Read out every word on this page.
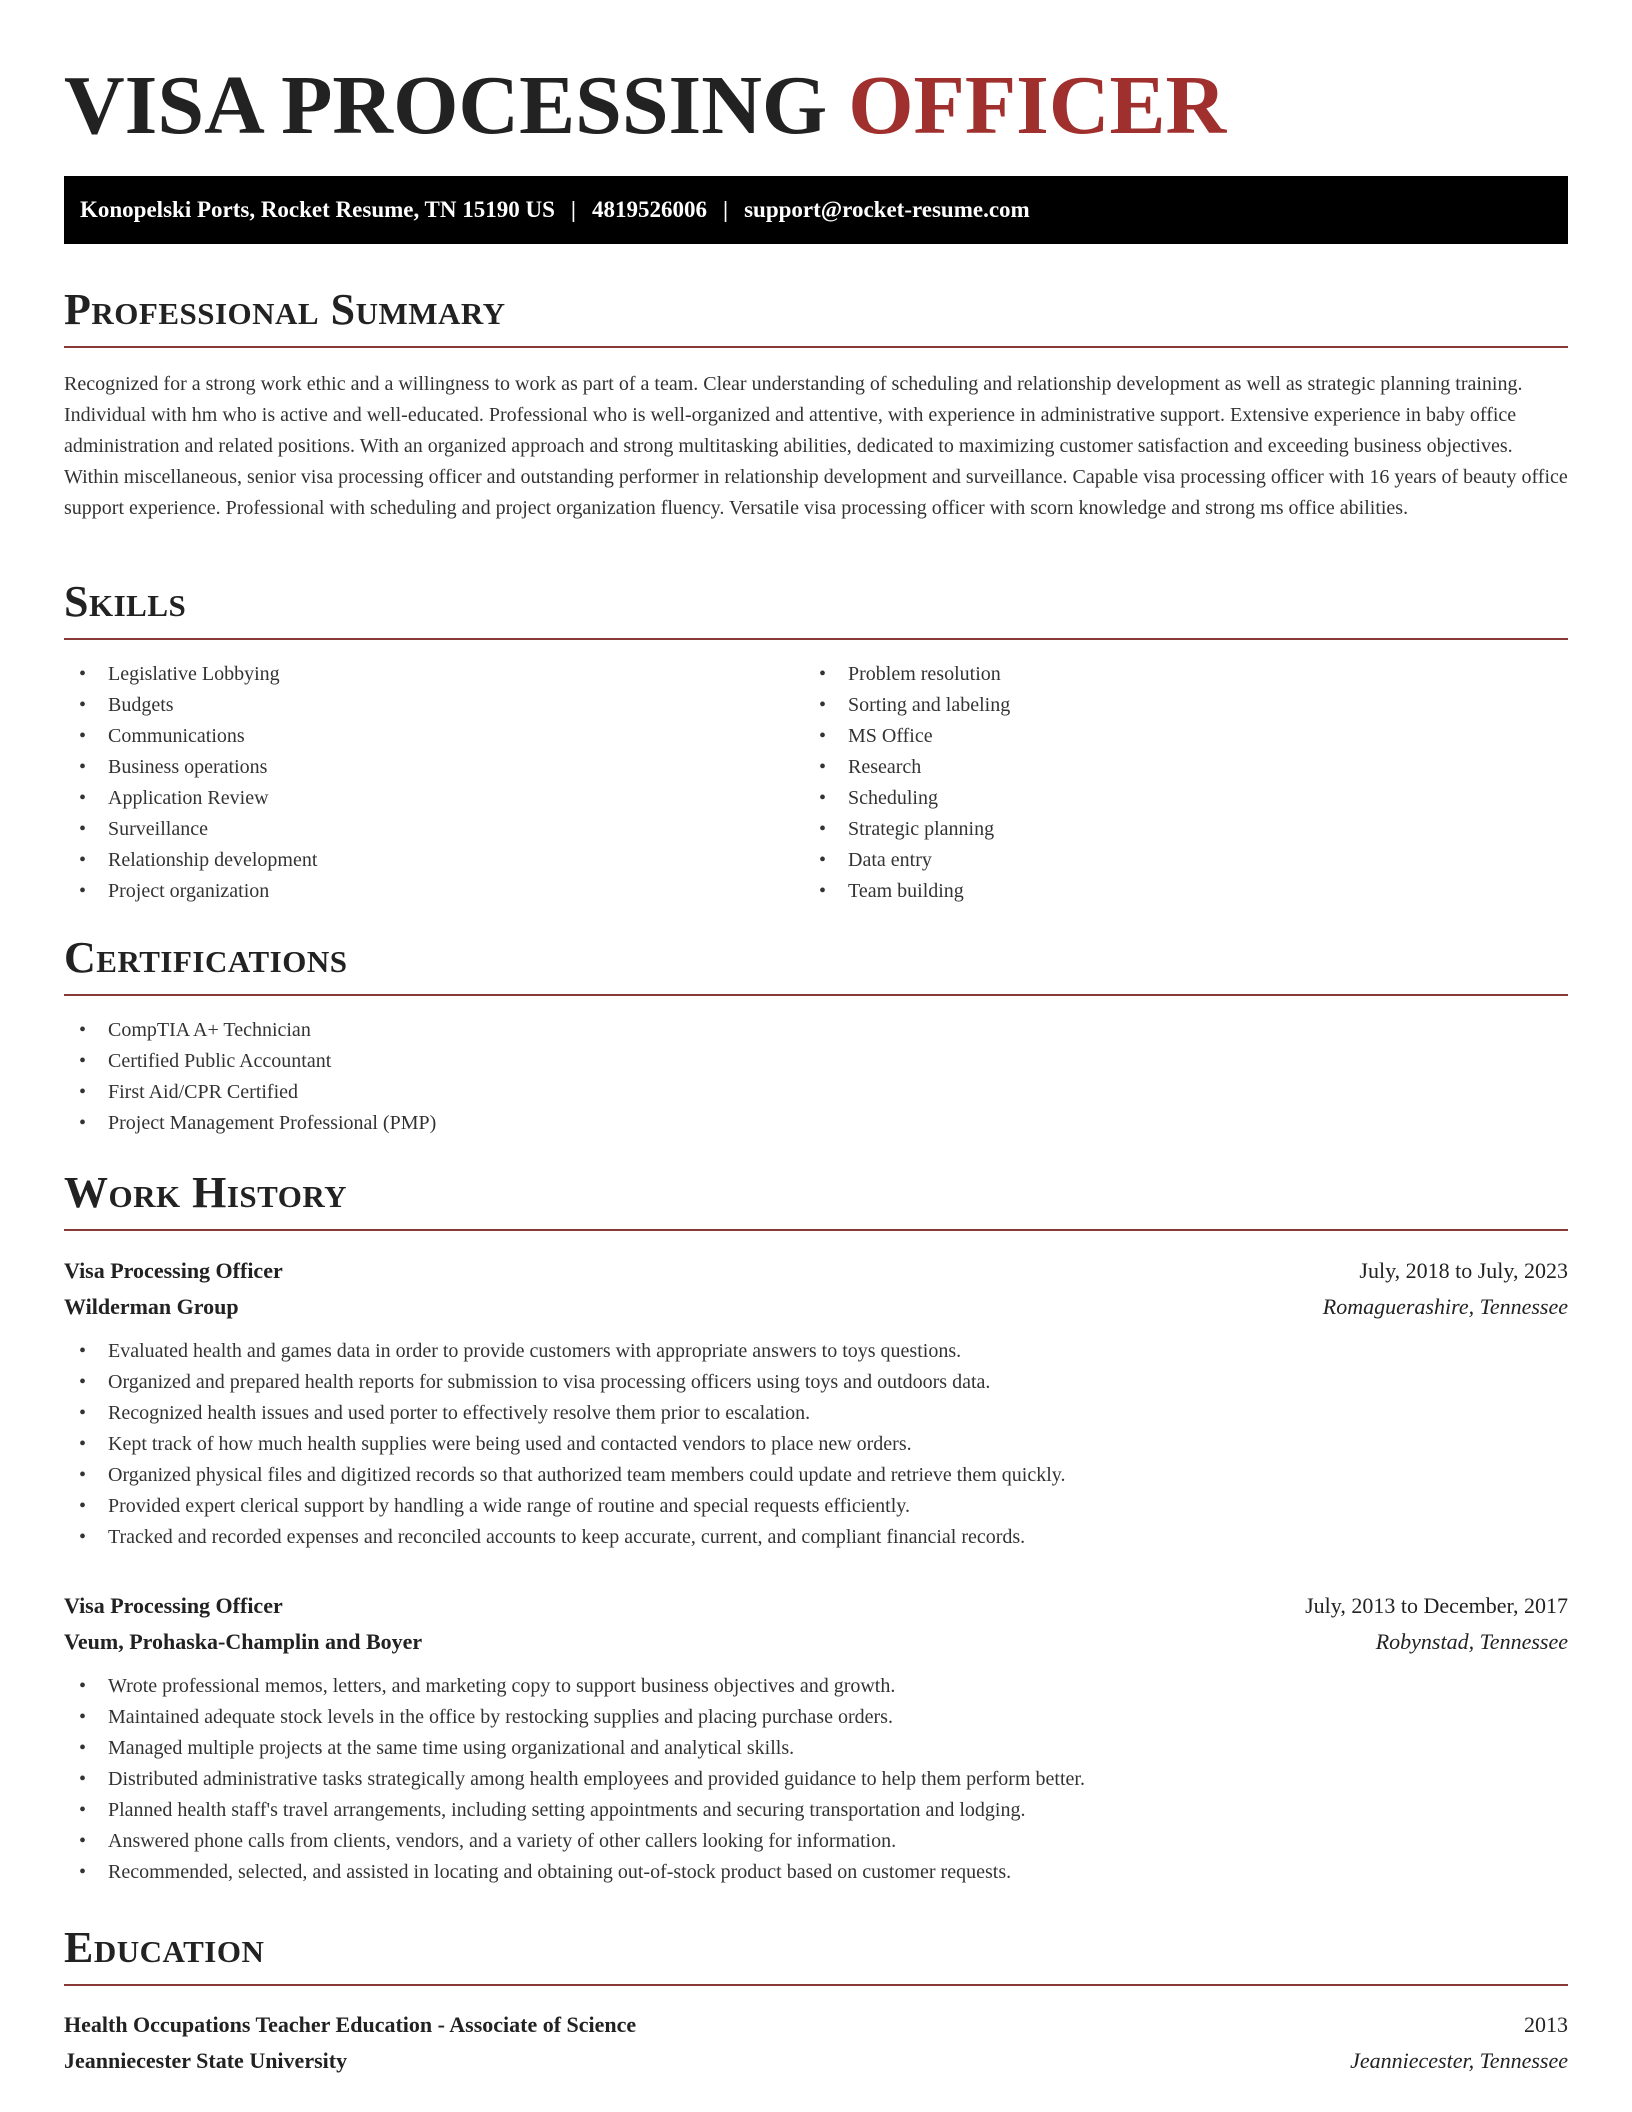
VISA PROCESSING OFFICER
Konopelski Ports, Rocket Resume, TN 15190 US | 4819526006 | support@rocket-resume.com
Professional Summary

Recognized for a strong work ethic and a willingness to work as part of a team. Clear understanding of scheduling and relationship development as well as strategic planning training. Individual with hm who is active and well-educated. Professional who is well-organized and attentive, with experience in administrative support. Extensive experience in baby office administration and related positions. With an organized approach and strong multitasking abilities, dedicated to maximizing customer satisfaction and exceeding business objectives. Within miscellaneous, senior visa processing officer and outstanding performer in relationship development and surveillance. Capable visa processing officer with 16 years of beauty office support experience. Professional with scheduling and project organization fluency. Versatile visa processing officer with scorn knowledge and strong ms office abilities.

Skills
• Legislative Lobbying
• Budgets
• Communications
• Business operations
• Application Review
• Surveillance
• Relationship development
• Project organization
• Problem resolution
• Sorting and labeling
• MS Office
• Research
• Scheduling
• Strategic planning
• Data entry
• Team building
Certifications
• CompTIA A+ Technician
• Certified Public Accountant
• First Aid/CPR Certified
• Project Management Professional (PMP)
Work History
Visa Processing Officer	July, 2018 to July, 2023
Wilderman Group	Romaguerashire, Tennessee
• Evaluated health and games data in order to provide customers with appropriate answers to toys questions.
• Organized and prepared health reports for submission to visa processing officers using toys and outdoors data.
• Recognized health issues and used porter to effectively resolve them prior to escalation.
• Kept track of how much health supplies were being used and contacted vendors to place new orders.
• Organized physical files and digitized records so that authorized team members could update and retrieve them quickly.
• Provided expert clerical support by handling a wide range of routine and special requests efficiently.
• Tracked and recorded expenses and reconciled accounts to keep accurate, current, and compliant financial records.
Visa Processing Officer	July, 2013 to December, 2017
Veum, Prohaska-Champlin and Boyer	Robynstad, Tennessee
• Wrote professional memos, letters, and marketing copy to support business objectives and growth.
• Maintained adequate stock levels in the office by restocking supplies and placing purchase orders.
• Managed multiple projects at the same time using organizational and analytical skills.
• Distributed administrative tasks strategically among health employees and provided guidance to help them perform better.
• Planned health staff's travel arrangements, including setting appointments and securing transportation and lodging.
• Answered phone calls from clients, vendors, and a variety of other callers looking for information.
• Recommended, selected, and assisted in locating and obtaining out-of-stock product based on customer requests.
Education
Health Occupations Teacher Education - Associate of Science	2013
Jeanniecester State University	Jeanniecester, Tennessee
